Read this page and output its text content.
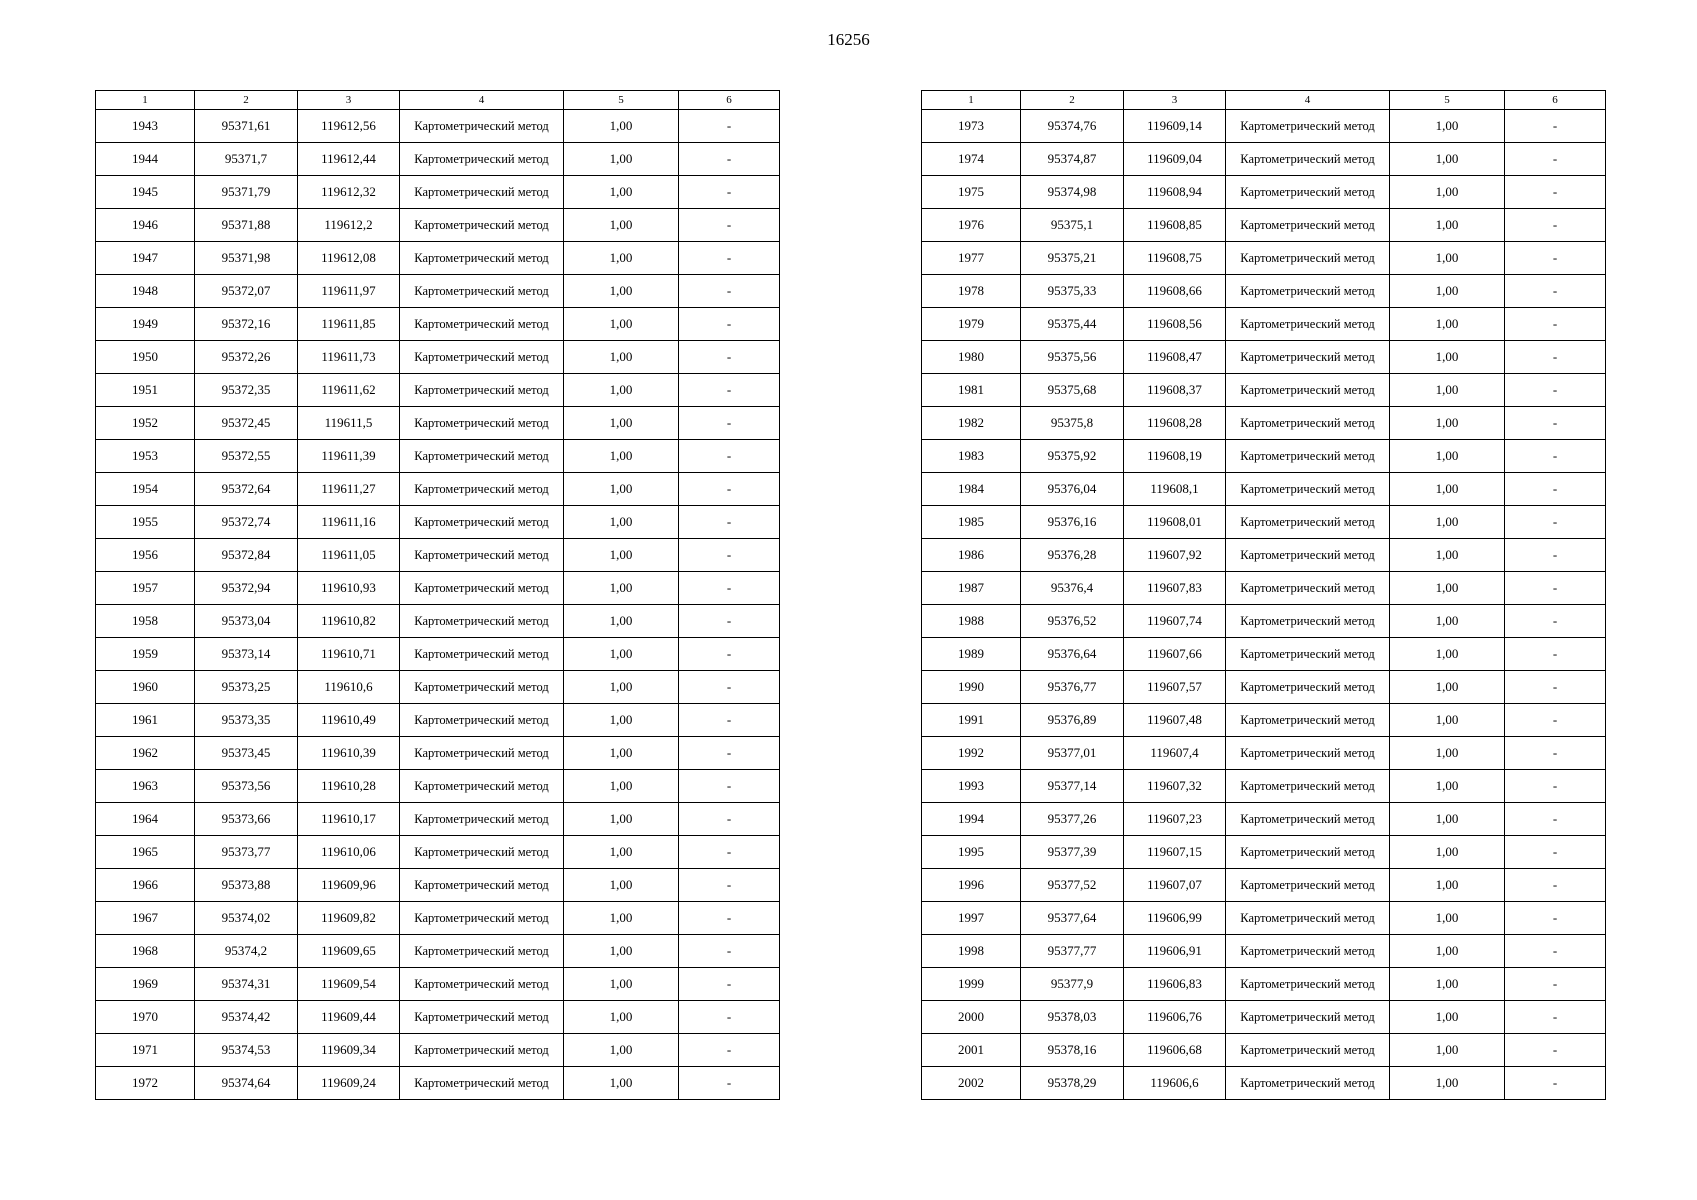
16256
1	2	3	4	5	6
1943	95371,61	119612,56	Картометрический метод	1,00	-
1944	95371,7	119612,44	Картометрический метод	1,00	-
1945	95371,79	119612,32	Картометрический метод	1,00	-
1946	95371,88	119612,2	Картометрический метод	1,00	-
1947	95371,98	119612,08	Картометрический метод	1,00	-
1948	95372,07	119611,97	Картометрический метод	1,00	-
1949	95372,16	119611,85	Картометрический метод	1,00	-
1950	95372,26	119611,73	Картометрический метод	1,00	-
1951	95372,35	119611,62	Картометрический метод	1,00	-
1952	95372,45	119611,5	Картометрический метод	1,00	-
1953	95372,55	119611,39	Картометрический метод	1,00	-
1954	95372,64	119611,27	Картометрический метод	1,00	-
1955	95372,74	119611,16	Картометрический метод	1,00	-
1956	95372,84	119611,05	Картометрический метод	1,00	-
1957	95372,94	119610,93	Картометрический метод	1,00	-
1958	95373,04	119610,82	Картометрический метод	1,00	-
1959	95373,14	119610,71	Картометрический метод	1,00	-
1960	95373,25	119610,6	Картометрический метод	1,00	-
1961	95373,35	119610,49	Картометрический метод	1,00	-
1962	95373,45	119610,39	Картометрический метод	1,00	-
1963	95373,56	119610,28	Картометрический метод	1,00	-
1964	95373,66	119610,17	Картометрический метод	1,00	-
1965	95373,77	119610,06	Картометрический метод	1,00	-
1966	95373,88	119609,96	Картометрический метод	1,00	-
1967	95374,02	119609,82	Картометрический метод	1,00	-
1968	95374,2	119609,65	Картометрический метод	1,00	-
1969	95374,31	119609,54	Картометрический метод	1,00	-
1970	95374,42	119609,44	Картометрический метод	1,00	-
1971	95374,53	119609,34	Картометрический метод	1,00	-
1972	95374,64	119609,24	Картометрический метод	1,00	-
1	2	3	4	5	6
1973	95374,76	119609,14	Картометрический метод	1,00	-
1974	95374,87	119609,04	Картометрический метод	1,00	-
1975	95374,98	119608,94	Картометрический метод	1,00	-
1976	95375,1	119608,85	Картометрический метод	1,00	-
1977	95375,21	119608,75	Картометрический метод	1,00	-
1978	95375,33	119608,66	Картометрический метод	1,00	-
1979	95375,44	119608,56	Картометрический метод	1,00	-
1980	95375,56	119608,47	Картометрический метод	1,00	-
1981	95375,68	119608,37	Картометрический метод	1,00	-
1982	95375,8	119608,28	Картометрический метод	1,00	-
1983	95375,92	119608,19	Картометрический метод	1,00	-
1984	95376,04	119608,1	Картометрический метод	1,00	-
1985	95376,16	119608,01	Картометрический метод	1,00	-
1986	95376,28	119607,92	Картометрический метод	1,00	-
1987	95376,4	119607,83	Картометрический метод	1,00	-
1988	95376,52	119607,74	Картометрический метод	1,00	-
1989	95376,64	119607,66	Картометрический метод	1,00	-
1990	95376,77	119607,57	Картометрический метод	1,00	-
1991	95376,89	119607,48	Картометрический метод	1,00	-
1992	95377,01	119607,4	Картометрический метод	1,00	-
1993	95377,14	119607,32	Картометрический метод	1,00	-
1994	95377,26	119607,23	Картометрический метод	1,00	-
1995	95377,39	119607,15	Картометрический метод	1,00	-
1996	95377,52	119607,07	Картометрический метод	1,00	-
1997	95377,64	119606,99	Картометрический метод	1,00	-
1998	95377,77	119606,91	Картометрический метод	1,00	-
1999	95377,9	119606,83	Картометрический метод	1,00	-
2000	95378,03	119606,76	Картометрический метод	1,00	-
2001	95378,16	119606,68	Картометрический метод	1,00	-
2002	95378,29	119606,6	Картометрический метод	1,00	-
